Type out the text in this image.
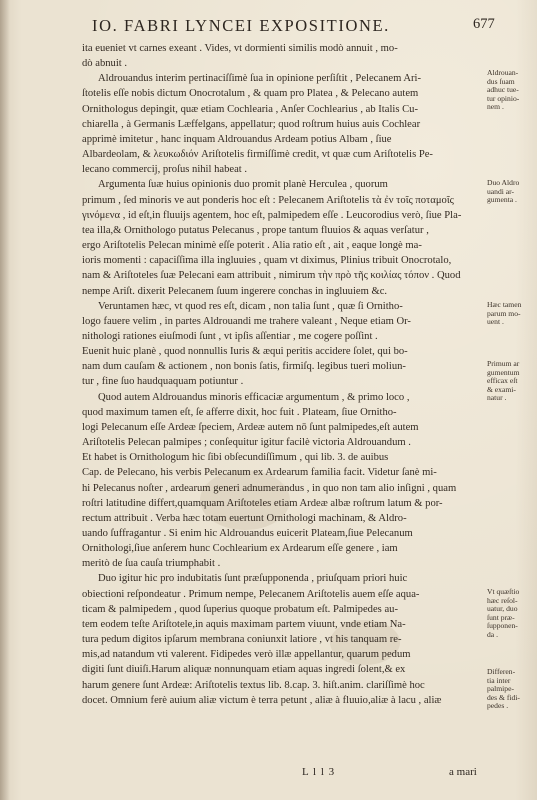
IO. FABRI LYNCEI EXPOSITIONE.	677
ita eueniet vt carnes exeant . Vides, vt dormienti similis modò annuit , mo-
dò abnuit .
Aldrouandus interim pertinaciſſimè ſua in opinione perſiſtit , Pelecanem Ari-
ſtotelis eſſe nobis dictum Onocrotalum , & quam pro Platea , & Pelecano autem
Ornithologus depingit, quæ etiam Cochlearia , Anſer Cochlearius , ab Italis Cu-
chiarella , à Germanis Læffelgans, appellatur; quod roſtrum huius auis Cochlear
apprimè imitetur , hanc inquam Aldrouandus Ardeam potius Albam , ſiue
Albardeolam, & λευκωδιόν Ariſtotelis firmiſſimè credit, vt quæ cum Ariſtotelis Pe-
lecano commercij, proſus nihil habeat .
Argumenta ſuæ huius opinionis duo promit planè Herculea , quorum
primum , ſed minoris ve aut ponderis hoc eſt : Pelecanem Ariſtotelis τὰ ἐν τοῖς ποταμοῖς
γινόμενα , id eſt,in fluuijs agentem, hoc eſt, palmipedem eſſe . Leucorodius verò, ſiue Pla-
tea illa,& Ornithologo putatus Pelecanus , prope tantum fluuios & aquas verſatur ,
ergo Ariſtotelis Pelecan minimè eſſe poterit . Alia ratio eſt , ait , eaque longè ma-
ioris momenti : capaciſſima illa ingluuies , quam vt diximus, Plinius tribuit Onocrotalo,
nam & Ariſtoteles ſuæ Pelecani eam attribuit , nimirum τὴν πρὸ τῆς κοιλίας τόπον . Quod
nempe Ariſt. dixerit Pelecanem ſuum ingerere conchas in ingluuiem &c.
Veruntamen hæc, vt quod res eſt, dicam , non talia ſunt , quæ ſi Ornitho-
logo fauere velim , in partes Aldrouandi me trahere valeant , Neque etiam Or-
nithologi rationes eiuſmodi ſunt , vt ipſis aſſentiar , me cogere poſſint .
Euenit huic planè , quod nonnullis Iuris & æqui peritis accidere ſolet, qui bo-
nam dum cauſam & actionem , non bonis ſatis, firmiſq. legibus tueri moliun-
tur , fine ſuo haudquaquam potiuntur .
Quod autem Aldrouandus minoris efficaciæ argumentum , & primo loco ,
quod maximum tamen eſt, ſe afferre dixit, hoc fuit . Plateam, ſiue Ornitho-
logi Pelecanum eſſe Ardeæ ſpeciem, Ardeæ autem nō ſunt palmipedes,eſt autem
Ariſtotelis Pelecan palmipes ; conſequitur igitur facilè victoria Aldrouandum .
Et habet is Ornithologum hic ſibi obſecundiſſimum , qui lib. 3. de auibus
Cap. de Pelecano, his verbis Pelecanum ex Ardearum familia facit. Videtur ſanè mi-
hi Pelecanus noſter , ardearum generi adnumerandus , in quo non tam alio inſigni , quam
roſtri latitudine differt,quamquam Ariſtoteles etiam Ardeæ albæ roſtrum latum & por-
rectum attribuit . Verba hæc totam euertunt Ornithologi machinam, & Aldro-
uando ſuffragantur . Si enim hic Aldrouandus euicerit Plateam,ſiue Pelecanum
Ornithologi,ſiue anſerem hunc Cochlearium ex Ardearum eſſe genere , iam
meritò de ſua cauſa triumphabit .
Duo igitur hic pro indubitatis ſunt præſupponenda , priuſquam priori huic
obiectioni reſpondeatur . Primum nempe, Pelecanem Ariſtotelis auem eſſe aqua-
ticam & palmipedem , quod ſuperius quoque probatum eſt. Palmipedes au-
tem eodem teſte Ariſtotele,in aquis maximam partem viuunt, vnde etiam Na-
tura pedum digitos ipſarum membrana coniunxit latiore , vt his tanquam re-
mis,ad natandum vti valerent. Fidipedes verò illæ appellantur, quarum pedum
digiti ſunt diuiſi.Harum aliquæ nonnunquam etiam aquas ingredi ſolent,& ex
harum genere ſunt Ardeæ: Ariſtotelis textus lib. 8.cap. 3. hiſt.anim. clariſſimè hoc
docet. Omnium ferè auium aliæ victum è terra petunt , aliæ à fluuio,aliæ à lacu , aliæ
Aldrouan-
dus ſuam
adhuc tue-
tur opinio-
nem .
Duo Aldro
uandi ar-
gumenta .
Hæc tamen
parum mo-
uent .
Primum ar
gumentum
efficax eſt
& exami-
natur .
Vt quæſtio
hæc reſol-
uatur, duo
ſunt præ-
ſupponen-
da .
Differen-
tia inter
palmipe-
des & fidi-
pedes .
L l l 3	a mari
